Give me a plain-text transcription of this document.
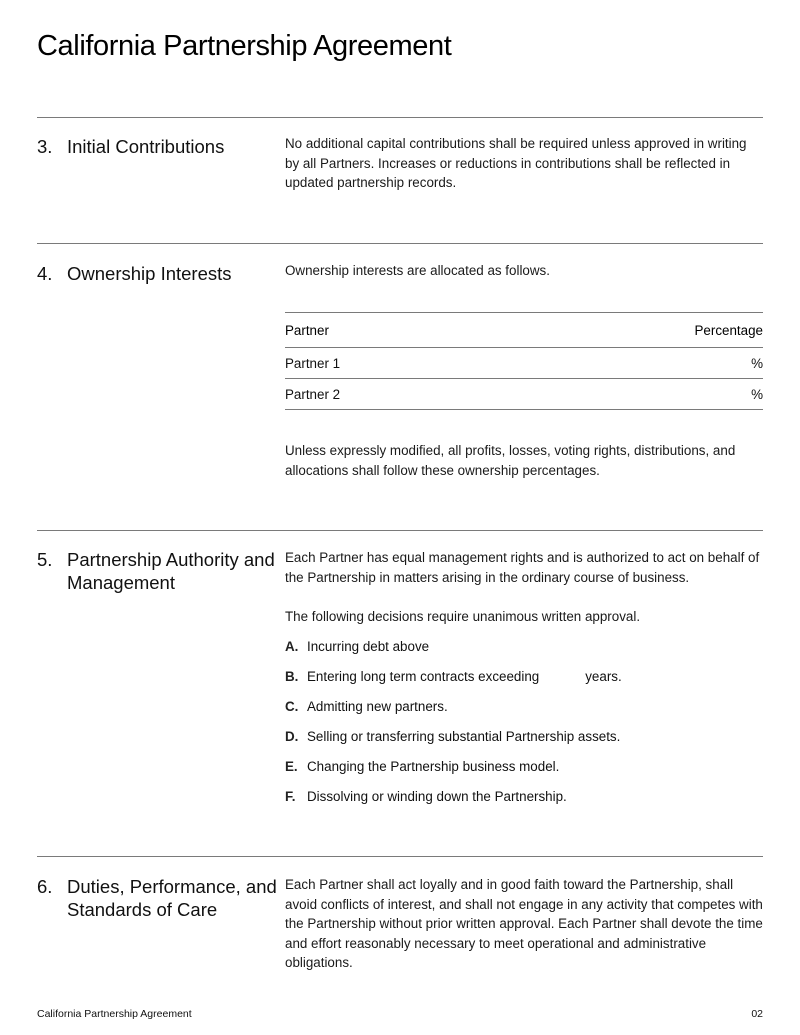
California Partnership Agreement
3. Initial Contributions	No additional capital contributions shall be required unless approved in writing by all Partners. Increases or reductions in contributions shall be reflected in updated partnership records.

4. Ownership Interests	Ownership interests are allocated as follows.

Partner	Percentage
Partner 1	%
Partner 2	%

Unless expressly modified, all profits, losses, voting rights, distributions, and allocations shall follow these ownership percentages.

5. Partnership Authority and Management

Each Partner has equal management rights and is authorized to act on behalf of the Partnership in matters arising in the ordinary course of business.

The following decisions require unanimous written approval.

A. Incurring debt above
B. Entering long term contracts exceeding	years.
C. Admitting new partners.
D. Selling or transferring substantial Partnership assets.
E. Changing the Partnership business model.
F. Dissolving or winding down the Partnership.
6. Duties, Performance, and Standards of Care

Each Partner shall act loyally and in good faith toward the Partnership, shall avoid conflicts of interest, and shall not engage in any activity that competes with the Partnership without prior written approval. Each Partner shall devote the time and effort reasonably necessary to meet operational and administrative obligations.

California Partnership Agreement	02
